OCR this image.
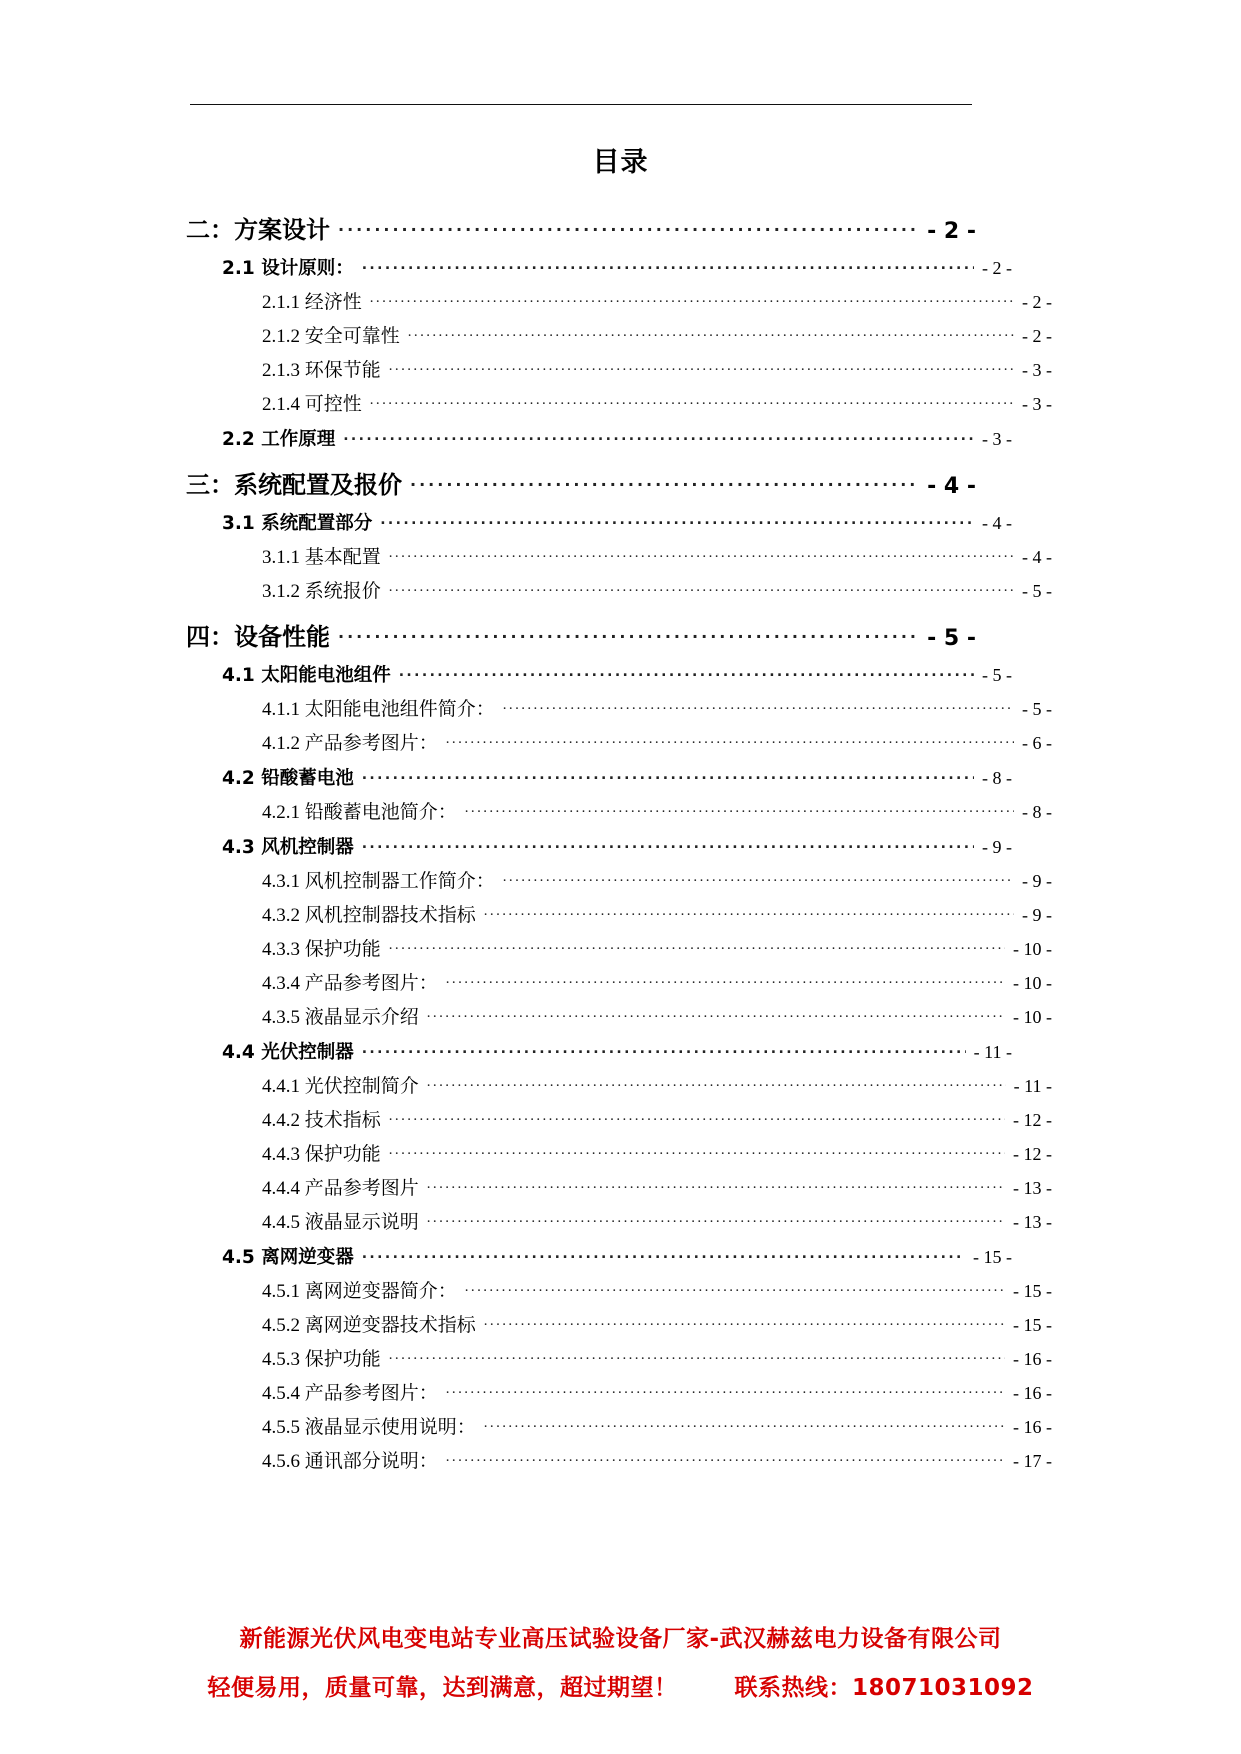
目录
二：方案设计 .....	- 2 -
2.1 设计原则： .....	- 2 -
2.1.1 经济性 .....	- 2 -
2.1.2 安全可靠性 .....	- 2 -
2.1.3 环保节能 .....	- 3 -
2.1.4 可控性 .....	- 3 -
2.2 工作原理 .....	- 3 -
三：系统配置及报价 .....	- 4 -
3.1 系统配置部分 .....	- 4 -
3.1.1 基本配置 .....	- 4 -
3.1.2 系统报价 .....	- 5 -
四：设备性能 .....	- 5 -
4.1 太阳能电池组件 .....	- 5 -
4.1.1 太阳能电池组件简介： .....	- 5 -
4.1.2 产品参考图片： .....	- 6 -
4.2 铅酸蓄电池 .....	- 8 -
4.2.1 铅酸蓄电池简介： .....	- 8 -
4.3 风机控制器 .....	- 9 -
4.3.1 风机控制器工作简介： .....	- 9 -
4.3.2 风机控制器技术指标 .....	- 9 -
4.3.3 保护功能 .....	- 10 -
4.3.4 产品参考图片： .....	- 10 -
4.3.5 液晶显示介绍 .....	- 10 -
4.4 光伏控制器 .....	- 11 -
4.4.1 光伏控制简介 .....	- 11 -
4.4.2 技术指标 .....	- 12 -
4.4.3 保护功能 .....	- 12 -
4.4.4 产品参考图片 .....	- 13 -
4.4.5 液晶显示说明 .....	- 13 -
4.5 离网逆变器 .....	- 15 -
4.5.1 离网逆变器简介： .....	- 15 -
4.5.2 离网逆变器技术指标 .....	- 15 -
4.5.3 保护功能 .....	- 16 -
4.5.4 产品参考图片： .....	- 16 -
4.5.5 液晶显示使用说明： .....	- 16 -
4.5.6 通讯部分说明： .....	- 17 -
新能源光伏风电变电站专业高压试验设备厂家-武汉赫兹电力设备有限公司
轻便易用，质量可靠，达到满意，超过期望！ 联系热线：18071031092
